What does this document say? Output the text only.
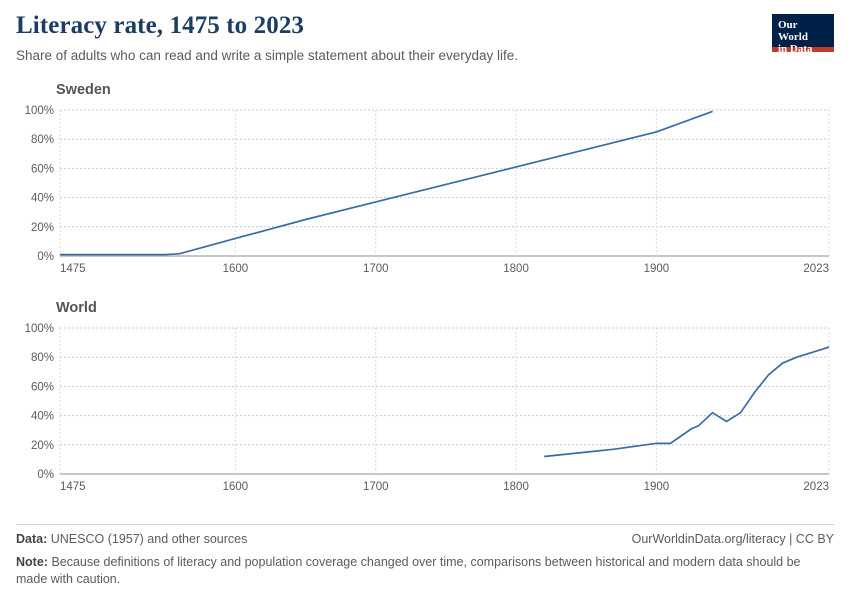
Literacy rate, 1475 to 2023

Share of adults who can read and write a simple statement about their everyday life.

Our World
in Data
Sweden
0%
20%
40%
60%
80%
100%
1475	1600	1700	1800	1900	2023
World
0%
20%
40%
60%
80%
100%
1475	1600	1700	1800	1900	2023
Data: UNESCO (1957) and other sources	OurWorldinData.org/literacy | CC BY
Note: Because definitions of literacy and population coverage changed over time, comparisons between historical and modern data should be made with caution.
